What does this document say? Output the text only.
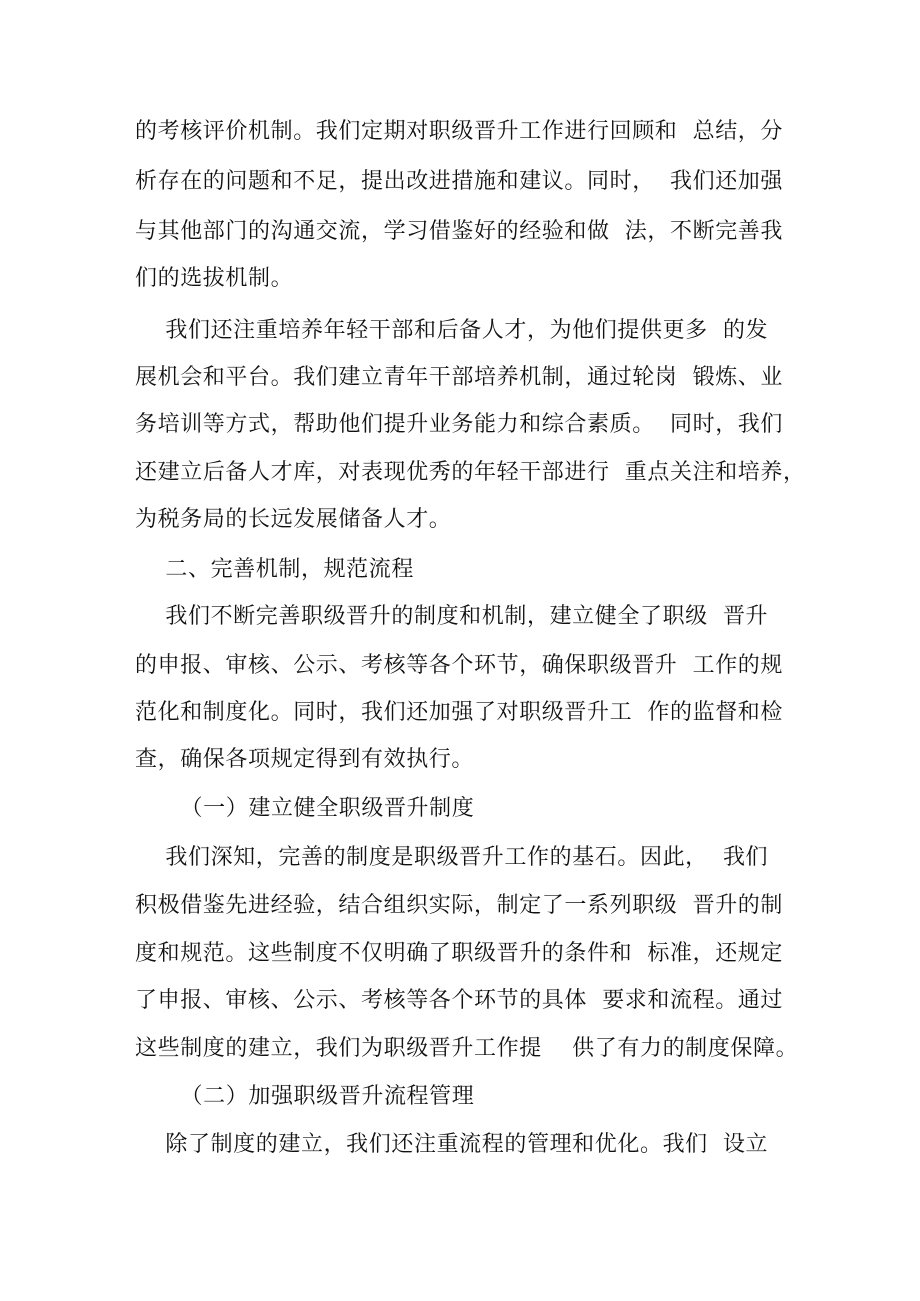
的考核评价机制。我们定期对职级晋升工作进行回顾和  总结，分
析存在的问题和不足，提出改进措施和建议。同时，  我们还加强
与其他部门的沟通交流，学习借鉴好的经验和做  法，不断完善我
们的选拔机制。
我们还注重培养年轻干部和后备人才，为他们提供更多  的发
展机会和平台。我们建立青年干部培养机制，通过轮岗  锻炼、业
务培训等方式，帮助他们提升业务能力和综合素质。  同时，我们
还建立后备人才库，对表现优秀的年轻干部进行  重点关注和培养，
为税务局的长远发展储备人才。
二、完善机制，规范流程
我们不断完善职级晋升的制度和机制，建立健全了职级  晋升
的申报、审核、公示、考核等各个环节，确保职级晋升  工作的规
范化和制度化。同时，我们还加强了对职级晋升工  作的监督和检
查，确保各项规定得到有效执行。
（一）建立健全职级晋升制度
我们深知，完善的制度是职级晋升工作的基石。因此，  我们
积极借鉴先进经验，结合组织实际，制定了一系列职级  晋升的制
度和规范。这些制度不仅明确了职级晋升的条件和  标准，还规定
了申报、审核、公示、考核等各个环节的具体  要求和流程。通过
这些制度的建立，我们为职级晋升工作提    供了有力的制度保障。
（二）加强职级晋升流程管理
除了制度的建立，我们还注重流程的管理和优化。我们  设立
